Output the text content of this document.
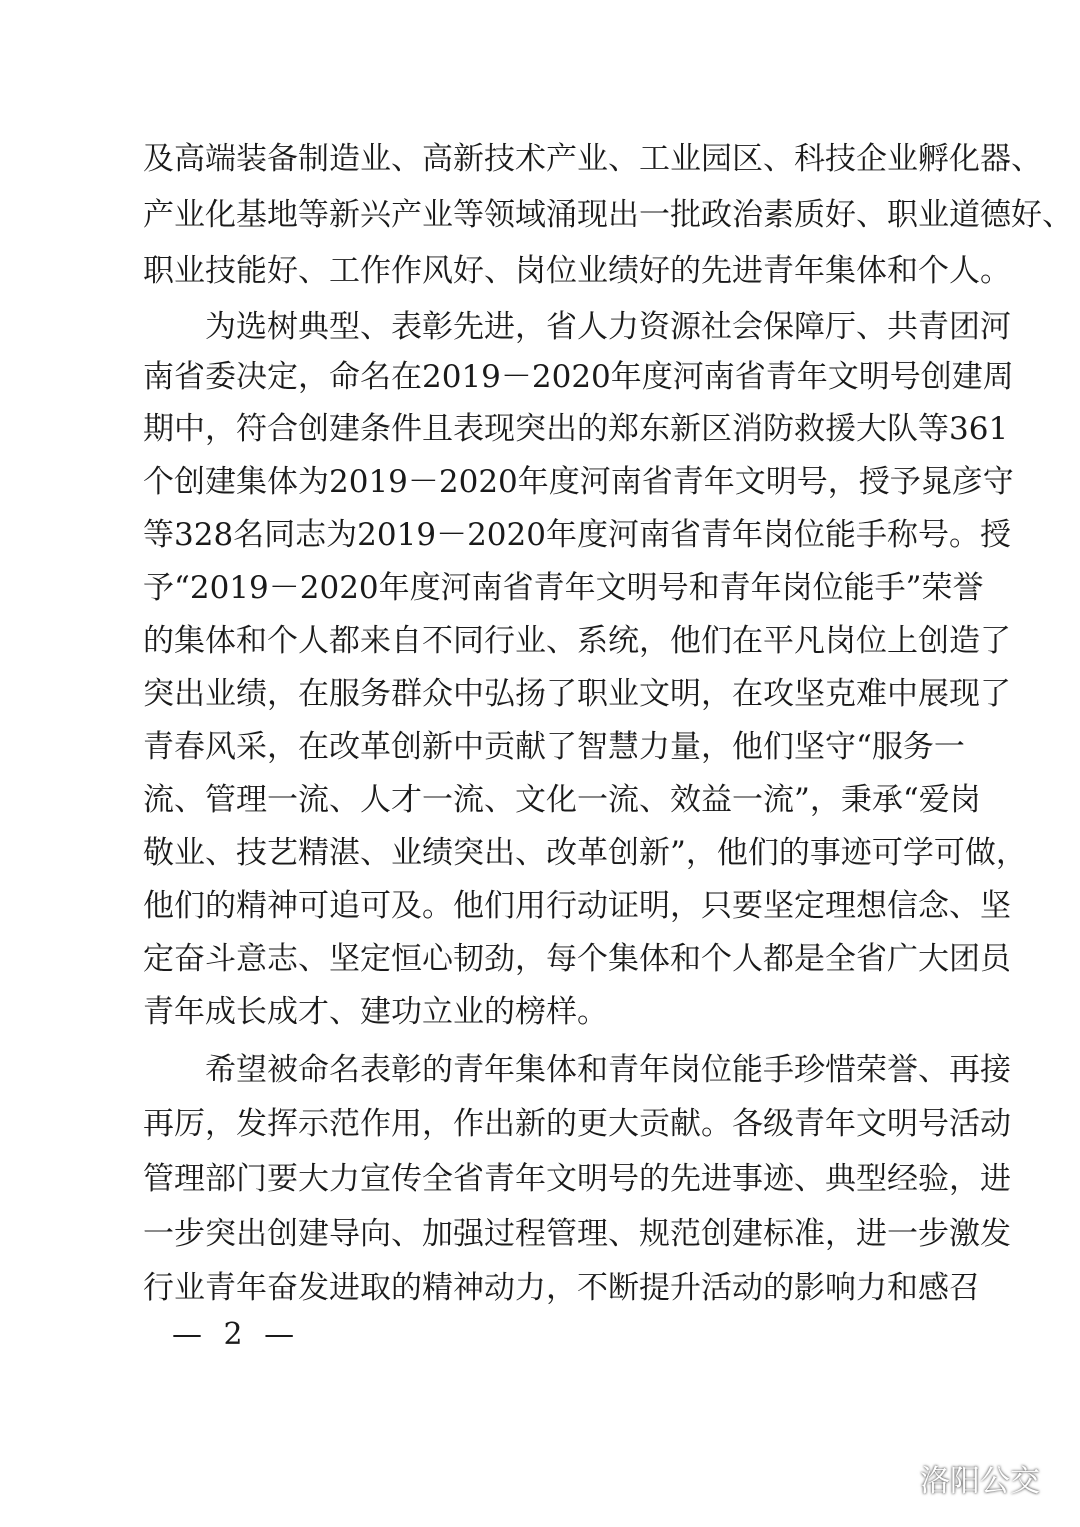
及 高 端 装 备 制 造 业 、 高 新 技 术 产 业 、 工 业 园 区 、 科 技 企 业 孵 化 器 、
产 业 化 基 地 等 新 兴 产 业 等 领 域 涌 现 出 一 批 政 治 素 质 好 、 职 业 道 德 好 、
职业技能好、工作作风好、岗位业绩好的先进青年集体和个人。
为 选 树 典 型 、 表 彰 先 进 ， 省 人 力 资 源 社 会 保 障 厅 、 共 青 团 河
南 省 委 决 定 ， 命 名 在 2019－2020 年 度 河 南 省 青 年 文 明 号 创 建 周
期 中 ， 符 合 创 建 条 件 且 表 现 突 出 的 郑 东 新 区 消 防 救 援 大 队 等 361
个 创 建 集 体 为 2019－2020 年 度 河 南 省 青 年 文 明 号 ， 授 予 晁 彦 守
等 328 名 同 志 为 2019－2020 年 度 河 南 省 青 年 岗 位 能 手 称 号 。 授
予 “ 2019－2020 年 度 河 南 省 青 年 文 明 号 和 青 年 岗 位 能 手 ” 荣 誉
的 集 体 和 个 人 都 来 自 不 同 行 业 、 系 统 ， 他 们 在 平 凡 岗 位 上 创 造 了
突 出 业 绩 ， 在 服 务 群 众 中 弘 扬 了 职 业 文 明 ， 在 攻 坚 克 难 中 展 现 了
青 春 风 采 ， 在 改 革 创 新 中 贡 献 了 智 慧 力 量 ， 他 们 坚 守 “ 服 务 一
流 、 管 理 一 流 、 人 才 一 流 、 文 化 一 流 、 效 益 一 流 ” ， 秉 承 “ 爱 岗
敬 业 、 技 艺 精 湛 、 业 绩 突 出 、 改 革 创 新 ” ， 他 们 的 事 迹 可 学 可 做 ，
他 们 的 精 神 可 追 可 及 。 他 们 用 行 动 证 明 ， 只 要 坚 定 理 想 信 念 、 坚
定 奋 斗 意 志 、 坚 定 恒 心 韧 劲 ， 每 个 集 体 和 个 人 都 是 全 省 广 大 团 员
青年成长成才、建功立业的榜样。
希 望 被 命 名 表 彰 的 青 年 集 体 和 青 年 岗 位 能 手 珍 惜 荣 誉 、 再 接
再 厉 ， 发 挥 示 范 作 用 ， 作 出 新 的 更 大 贡 献 。 各 级 青 年 文 明 号 活 动
管 理 部 门 要 大 力 宣 传 全 省 青 年 文 明 号 的 先 进 事 迹 、 典 型 经 验 ， 进
一 步 突 出 创 建 导 向 、 加 强 过 程 管 理 、 规 范 创 建 标 准 ， 进 一 步 激 发
行 业 青 年 奋 发 进 取 的 精 神 动 力 ， 不 断 提 升 活 动 的 影 响 力 和 感 召
— 2 —
洛阳公交
